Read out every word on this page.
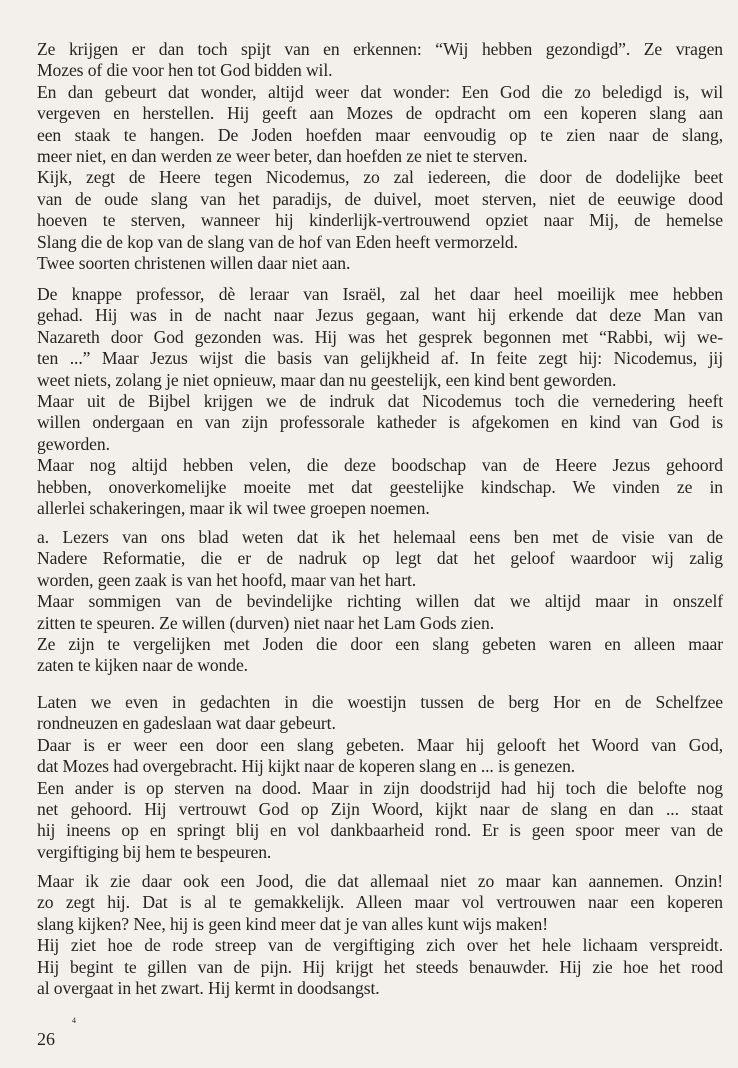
Ze krijgen er dan toch spijt van en erkennen: “Wij hebben gezondigd”. Ze vragen
Mozes of die voor hen tot God bidden wil.
En dan gebeurt dat wonder, altijd weer dat wonder: Een God die zo beledigd is, wil
vergeven en herstellen. Hij geeft aan Mozes de opdracht om een koperen slang aan
een staak te hangen. De Joden hoefden maar eenvoudig op te zien naar de slang,
meer niet, en dan werden ze weer beter, dan hoefden ze niet te sterven.
Kijk, zegt de Heere tegen Nicodemus, zo zal iedereen, die door de dodelijke beet
van de oude slang van het paradijs, de duivel, moet sterven, niet de eeuwige dood
hoeven te sterven, wanneer hij kinderlijk-vertrouwend opziet naar Mij, de hemelse
Slang die de kop van de slang van de hof van Eden heeft vermorzeld.
Twee soorten christenen willen daar niet aan.
De knappe professor, dè leraar van Israël, zal het daar heel moeilijk mee hebben
gehad. Hij was in de nacht naar Jezus gegaan, want hij erkende dat deze Man van
Nazareth door God gezonden was. Hij was het gesprek begonnen met “Rabbi, wij we-
ten ...” Maar Jezus wijst die basis van gelijkheid af. In feite zegt hij: Nicodemus, jij
weet niets, zolang je niet opnieuw, maar dan nu geestelijk, een kind bent geworden.
Maar uit de Bijbel krijgen we de indruk dat Nicodemus toch die vernedering heeft
willen ondergaan en van zijn professorale katheder is afgekomen en kind van God is
geworden.
Maar nog altijd hebben velen, die deze boodschap van de Heere Jezus gehoord
hebben, onoverkomelijke moeite met dat geestelijke kindschap. We vinden ze in
allerlei schakeringen, maar ik wil twee groepen noemen.
a. Lezers van ons blad weten dat ik het helemaal eens ben met de visie van de
Nadere Reformatie, die er de nadruk op legt dat het geloof waardoor wij zalig
worden, geen zaak is van het hoofd, maar van het hart.
Maar sommigen van de bevindelijke richting willen dat we altijd maar in onszelf
zitten te speuren. Ze willen (durven) niet naar het Lam Gods zien.
Ze zijn te vergelijken met Joden die door een slang gebeten waren en alleen maar
zaten te kijken naar de wonde.
Laten we even in gedachten in die woestijn tussen de berg Hor en de Schelfzee
rondneuzen en gadeslaan wat daar gebeurt.
Daar is er weer een door een slang gebeten. Maar hij gelooft het Woord van God,
dat Mozes had overgebracht. Hij kijkt naar de koperen slang en ... is genezen.
Een ander is op sterven na dood. Maar in zijn doodstrijd had hij toch die belofte nog
net gehoord. Hij vertrouwt God op Zijn Woord, kijkt naar de slang en dan ... staat
hij ineens op en springt blij en vol dankbaarheid rond. Er is geen spoor meer van de
vergiftiging bij hem te bespeuren.
Maar ik zie daar ook een Jood, die dat allemaal niet zo maar kan aannemen. Onzin!
zo zegt hij. Dat is al te gemakkelijk. Alleen maar vol vertrouwen naar een koperen
slang kijken? Nee, hij is geen kind meer dat je van alles kunt wijs maken!
Hij ziet hoe de rode streep van de vergiftiging zich over het hele lichaam verspreidt.
Hij begint te gillen van de pijn. Hij krijgt het steeds benauwder. Hij zie hoe het rood
al overgaat in het zwart. Hij kermt in doodsangst.
4
26
